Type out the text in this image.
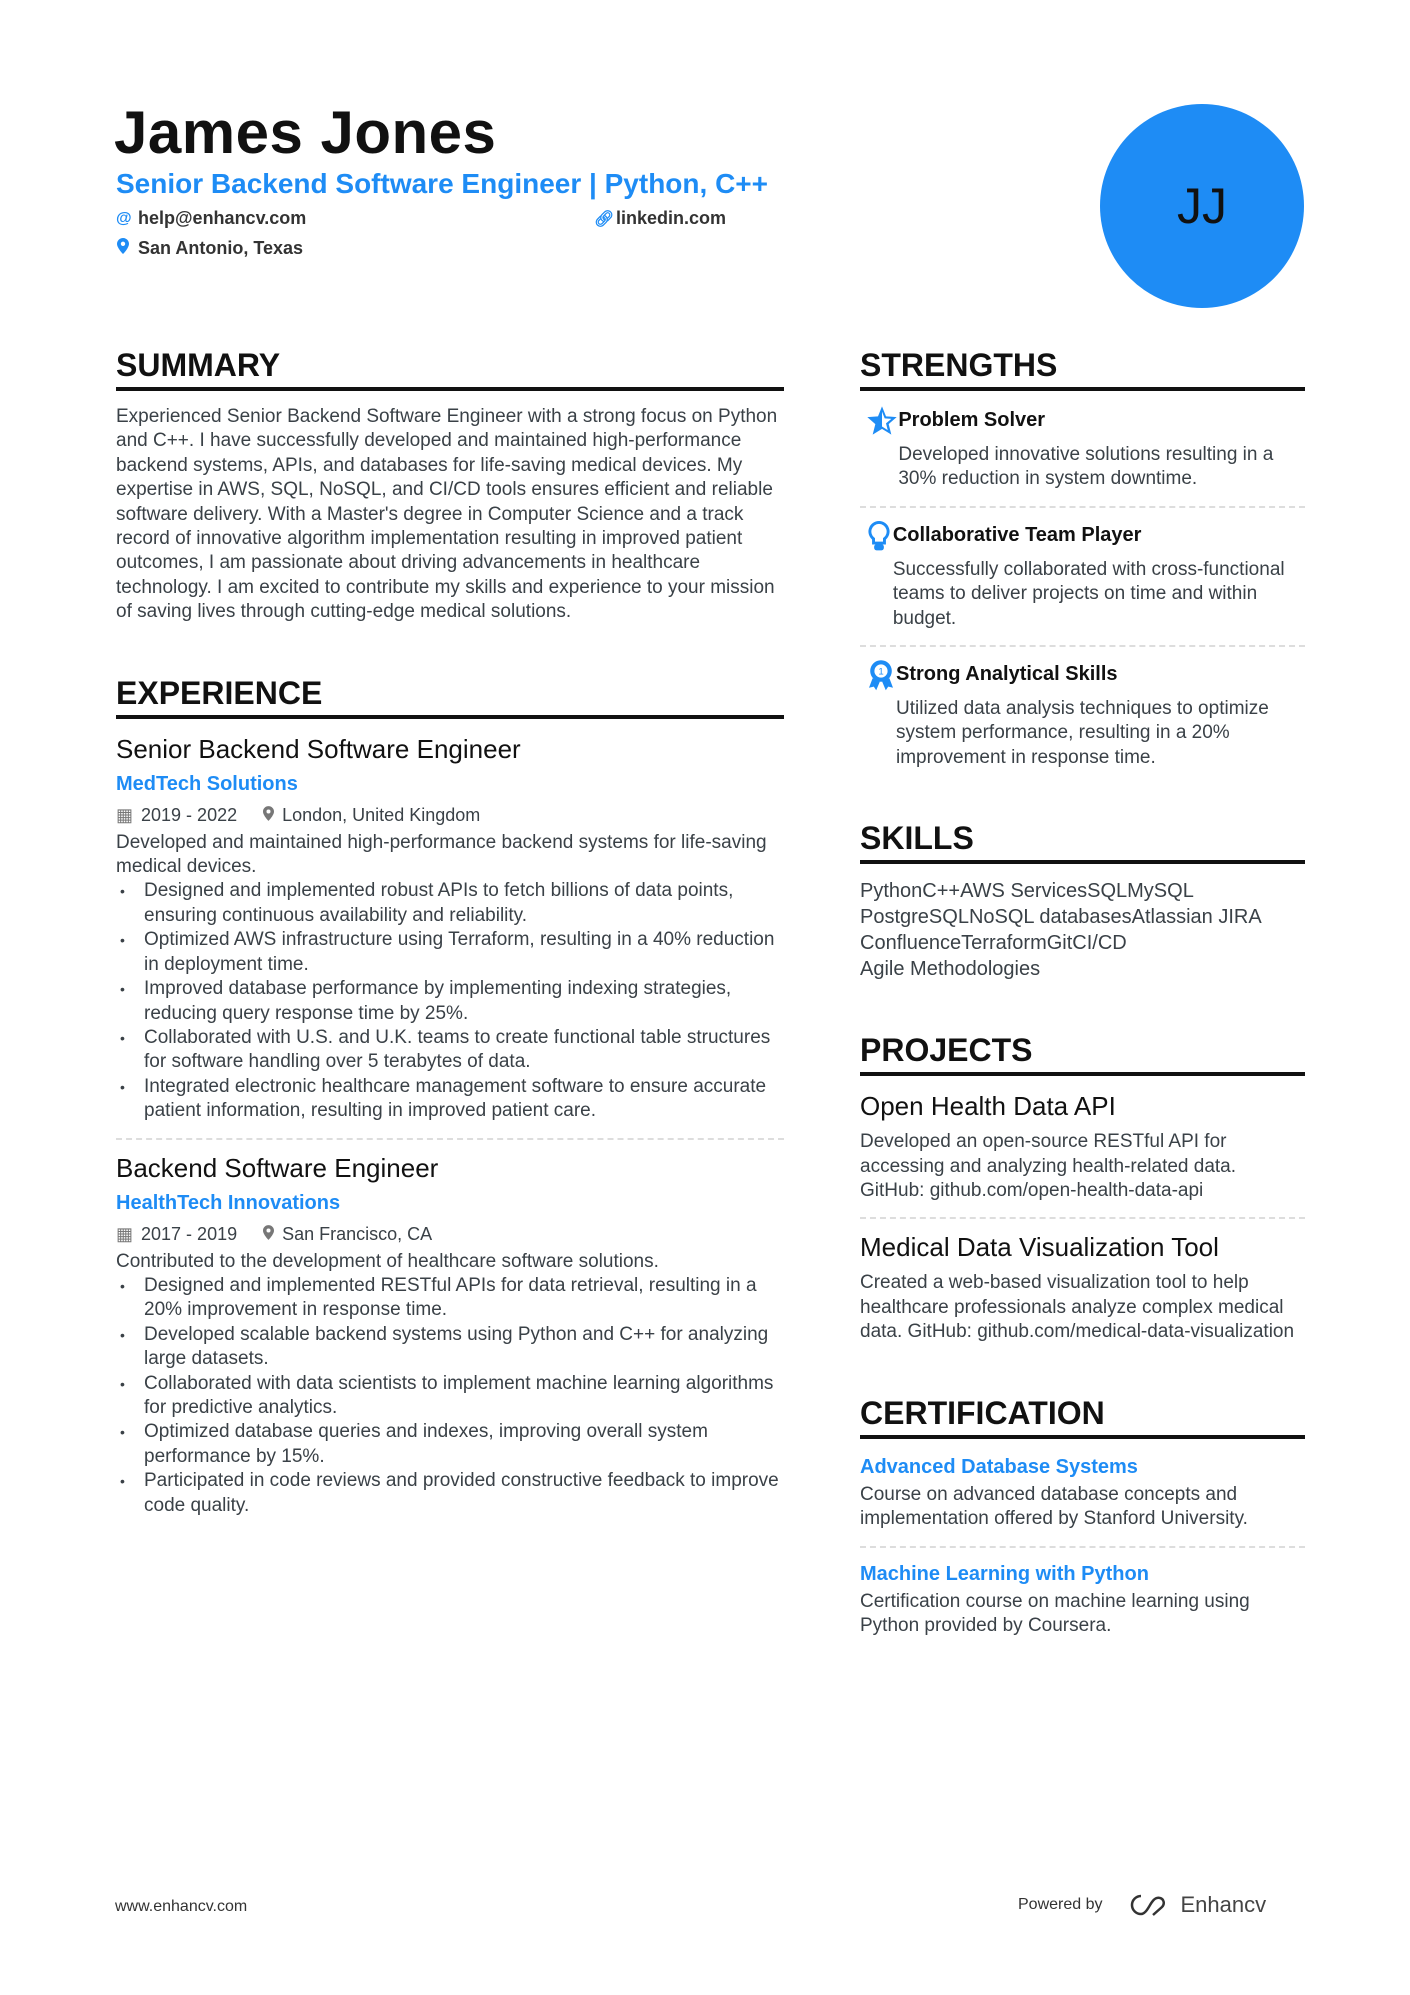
James Jones
Senior Backend Software Engineer | Python, C++
@ help@enhancv.com	🔗︎ linkedin.com
San Antonio, Texas
JJ
SUMMARY

Experienced Senior Backend Software Engineer with a strong focus on Python and C++. I have successfully developed and maintained high-performance backend systems, APIs, and databases for life-saving medical devices. My expertise in AWS, SQL, NoSQL, and CI/CD tools ensures efficient and reliable software delivery. With a Master's degree in Computer Science and a track record of innovative algorithm implementation resulting in improved patient outcomes, I am passionate about driving advancements in healthcare technology. I am excited to contribute my skills and experience to your mission of saving lives through cutting-edge medical solutions.

EXPERIENCE
Senior Backend Software Engineer
MedTech Solutions
▦ 2019 - 2022	London, United Kingdom

Developed and maintained high-performance backend systems for life-saving medical devices.

• Designed and implemented robust APIs to fetch billions of data points, ensuring continuous availability and reliability.
• Optimized AWS infrastructure using Terraform, resulting in a 40% reduction in deployment time.
• Improved database performance by implementing indexing strategies, reducing query response time by 25%.
• Collaborated with U.S. and U.K. teams to create functional table structures for software handling over 5 terabytes of data.
• Integrated electronic healthcare management software to ensure accurate patient information, resulting in improved patient care.
Backend Software Engineer
HealthTech Innovations
▦ 2017 - 2019	San Francisco, CA

Contributed to the development of healthcare software solutions.

• Designed and implemented RESTful APIs for data retrieval, resulting in a 20% improvement in response time.
• Developed scalable backend systems using Python and C++ for analyzing large datasets.
• Collaborated with data scientists to implement machine learning algorithms for predictive analytics.
• Optimized database queries and indexes, improving overall system performance by 15%.
• Participated in code reviews and provided constructive feedback to improve code quality.
STRENGTHS
Problem Solver

Developed innovative solutions resulting in a 30% reduction in system downtime.

Collaborative Team Player

Successfully collaborated with cross-functional teams to deliver projects on time and within budget.

1 Strong Analytical Skills

Utilized data analysis techniques to optimize system performance, resulting in a 20% improvement in response time.

SKILLS
PythonC++AWS ServicesSQLMySQL
PostgreSQLNoSQL databasesAtlassian JIRA
ConfluenceTerraformGitCI/CD
Agile Methodologies
PROJECTS
Open Health Data API

Developed an open-source RESTful API for accessing and analyzing health-related data. GitHub: github.com/open-health-data-api

Medical Data Visualization Tool

Created a web-based visualization tool to help healthcare professionals analyze complex medical data. GitHub: github.com/medical-data-visualization

CERTIFICATION
Advanced Database Systems

Course on advanced database concepts and implementation offered by Stanford University.

Machine Learning with Python

Certification course on machine learning using Python provided by Coursera.

www.enhancv.com	Powered by	Enhancv
